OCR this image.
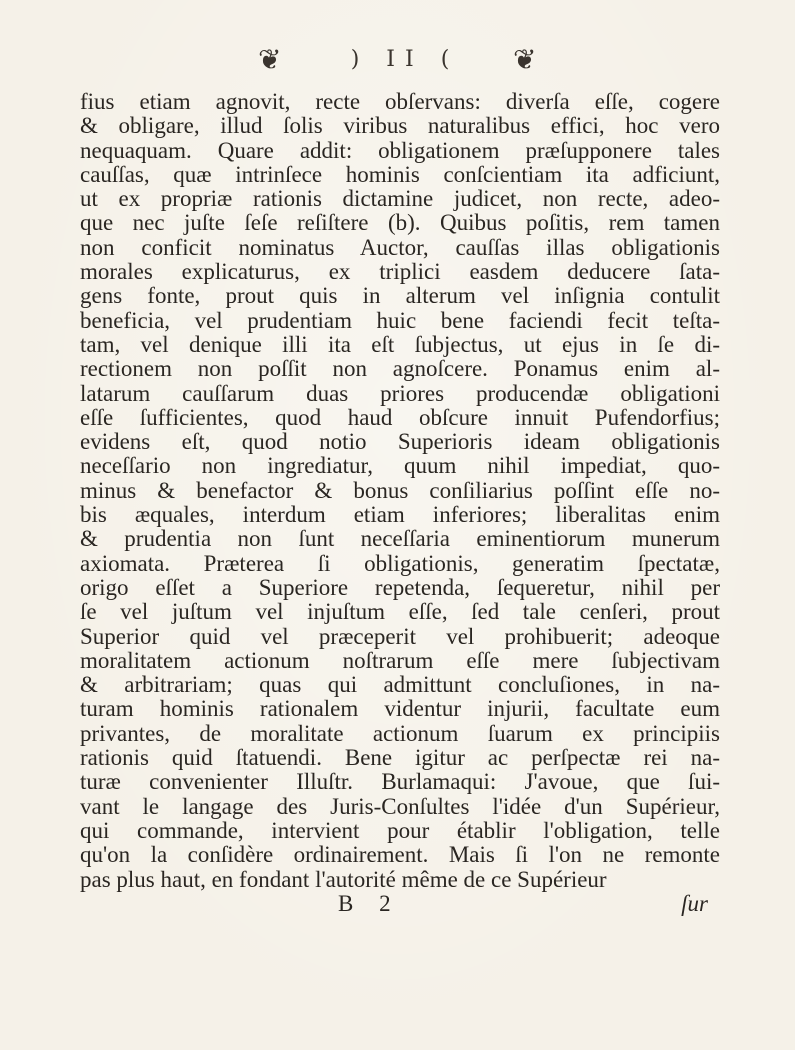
❦	) II (	❦
fius etiam agnovit, recte obſervans: diverſa eſſe, cogere
& obligare, illud ſolis viribus naturalibus effici, hoc vero
nequaquam. Quare addit: obligationem præſupponere tales
cauſſas, quæ intrinſece hominis conſcientiam ita adficiunt,
ut ex propriæ rationis dictamine judicet, non recte, adeo-
que nec juſte ſeſe reſiſtere (b). Quibus poſitis, rem tamen
non conficit nominatus Auctor, cauſſas illas obligationis
morales explicaturus, ex triplici easdem deducere ſata-
gens fonte, prout quis in alterum vel inſignia contulit
beneficia, vel prudentiam huic bene faciendi fecit teſta-
tam, vel denique illi ita eſt ſubjectus, ut ejus in ſe di-
rectionem non poſſit non agnoſcere. Ponamus enim al-
latarum cauſſarum duas priores producendæ obligationi
eſſe ſufficientes, quod haud obſcure innuit Pufendorfius;
evidens eſt, quod notio Superioris ideam obligationis
neceſſario non ingrediatur, quum nihil impediat, quo-
minus & benefactor & bonus conſiliarius poſſint eſſe no-
bis æquales, interdum etiam inferiores; liberalitas enim
& prudentia non ſunt neceſſaria eminentiorum munerum
axiomata. Præterea ſi obligationis, generatim ſpectatæ,
origo eſſet a Superiore repetenda, ſequeretur, nihil per
ſe vel juſtum vel injuſtum eſſe, ſed tale cenſeri, prout
Superior quid vel præceperit vel prohibuerit; adeoque
moralitatem actionum noſtrarum eſſe mere ſubjectivam
& arbitrariam; quas qui admittunt concluſiones, in na-
turam hominis rationalem videntur injurii, facultate eum
privantes, de moralitate actionum ſuarum ex principiis
rationis quid ſtatuendi. Bene igitur ac perſpectæ rei na-
turæ convenienter Illuſtr. Burlamaqui: J'avoue, que ſui-
vant le langage des Juris-Conſultes l'idée d'un Supérieur,
qui commande, intervient pour établir l'obligation, telle
qu'on la conſidère ordinairement. Mais ſi l'on ne remonte
pas plus haut, en fondant l'autorité même de ce Supérieur
B 2	ſur
